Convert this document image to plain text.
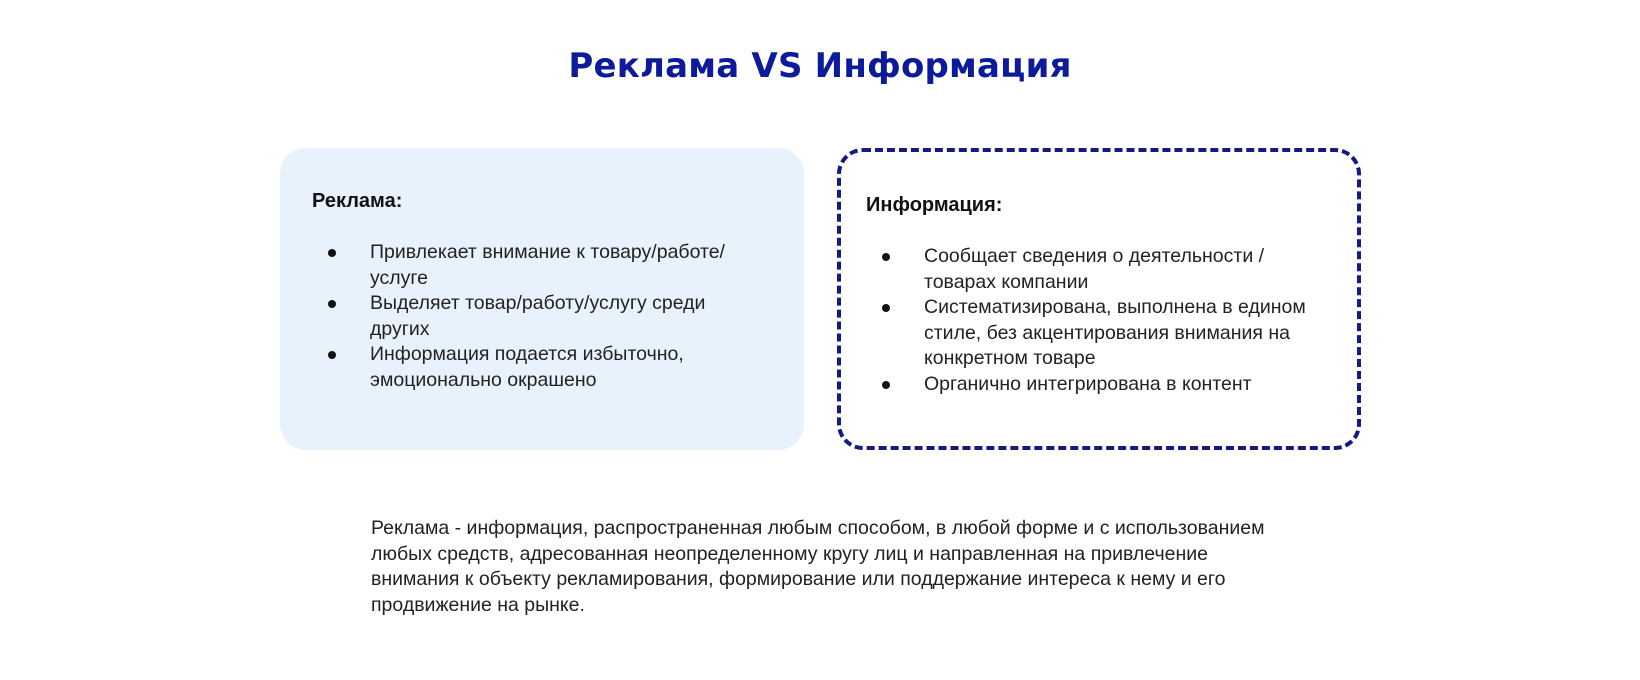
Реклама VS Информация
Реклама:
Привлекает внимание к товару/работе/услуге
Выделяет товар/работу/услугу среди других
Информация подается избыточно, эмоционально окрашено
Информация:
Сообщает сведения о деятельности / товарах компании
Систематизирована, выполнена в едином стиле, без акцентирования внимания на конкретном товаре
Органично интегрирована в контент

Реклама - информация, распространенная любым способом, в любой форме и с использованием любых средств, адресованная неопределенному кругу лиц и направленная на привлечение внимания к объекту рекламирования, формирование или поддержание интереса к нему и его продвижение на рынке.
